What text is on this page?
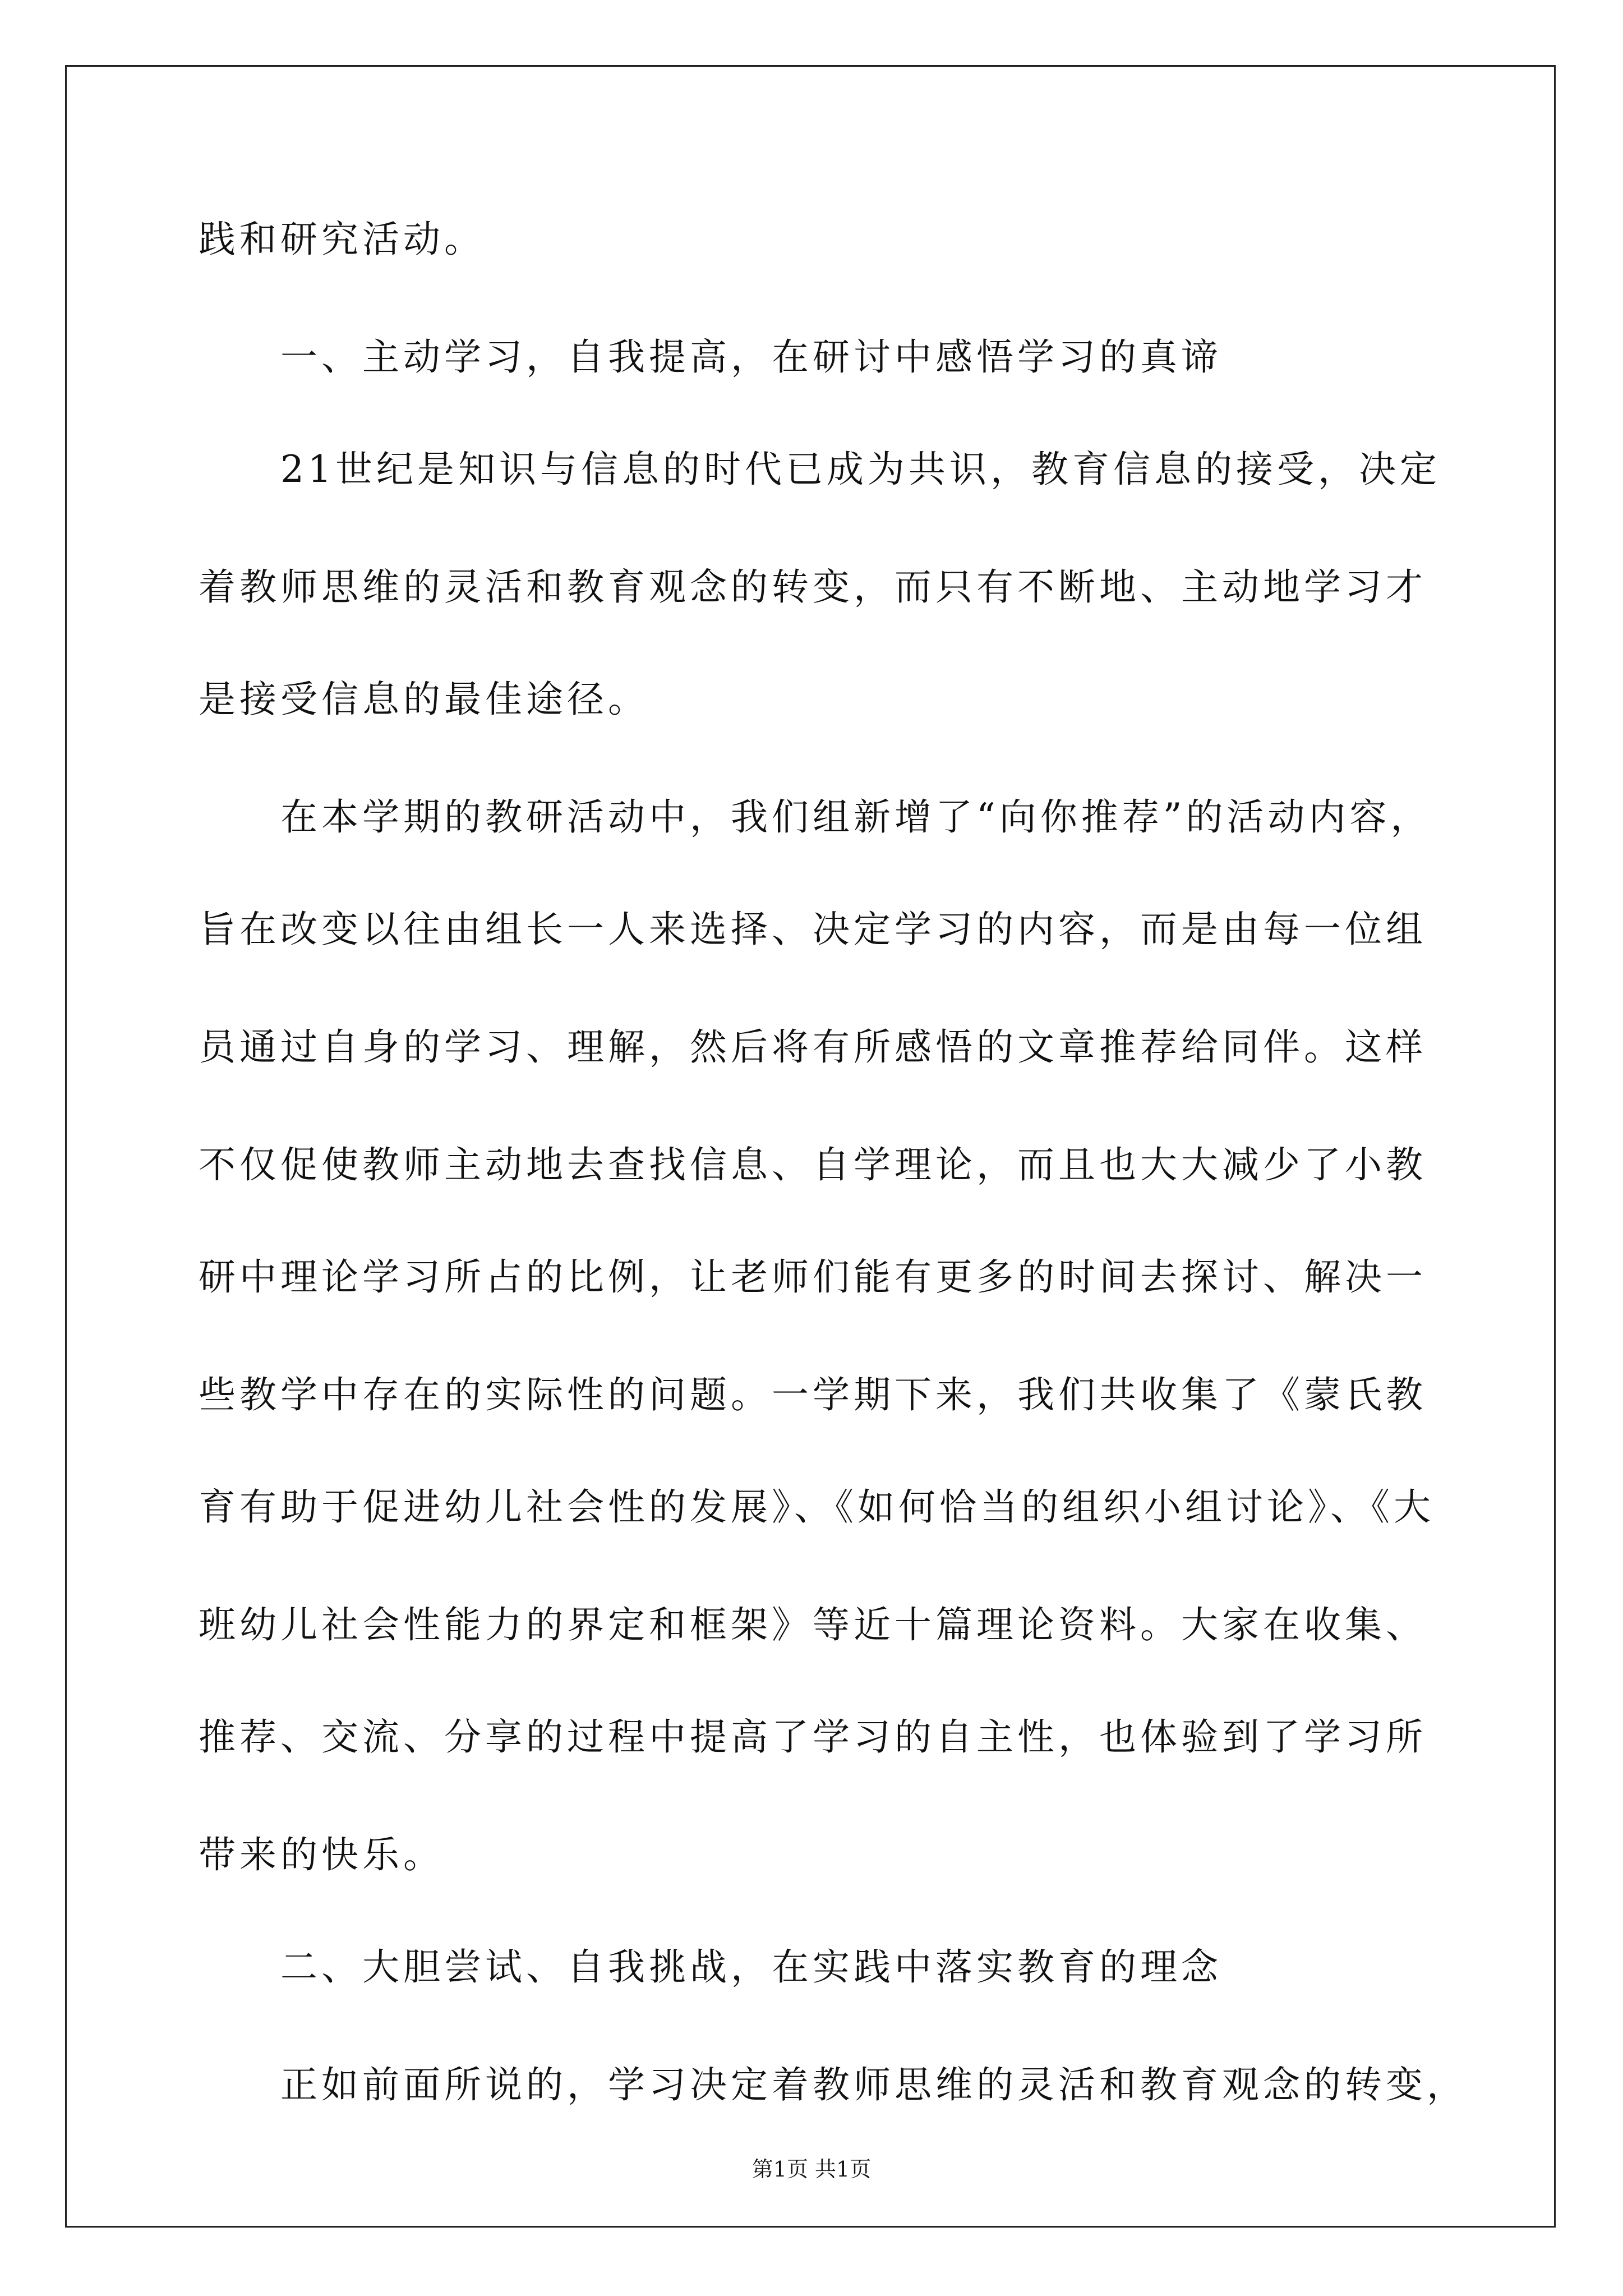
践和研究活动。

一、主动学习，自我提高，在研讨中感悟学习的真谛

21世纪是知识与信息的时代已成为共识，教育信息的接受，决定

着教师思维的灵活和教育观念的转变，而只有不断地、主动地学习才

是接受信息的最佳途径。

在本学期的教研活动中，我们组新增了“向你推荐”的活动内容，

旨在改变以往由组长一人来选择、决定学习的内容，而是由每一位组

员通过自身的学习、理解，然后将有所感悟的文章推荐给同伴。这样

不仅促使教师主动地去查找信息、自学理论，而且也大大减少了小教

研中理论学习所占的比例，让老师们能有更多的时间去探讨、解决一

些教学中存在的实际性的问题。一学期下来，我们共收集了《蒙氏教

育有助于促进幼儿社会性的发展》、《如何恰当的组织小组讨论》、《大

班幼儿社会性能力的界定和框架》等近十篇理论资料。大家在收集、

推荐、交流、分享的过程中提高了学习的自主性，也体验到了学习所

带来的快乐。

二、大胆尝试、自我挑战，在实践中落实教育的理念

正如前面所说的，学习决定着教师思维的灵活和教育观念的转变，

第1页 共1页
